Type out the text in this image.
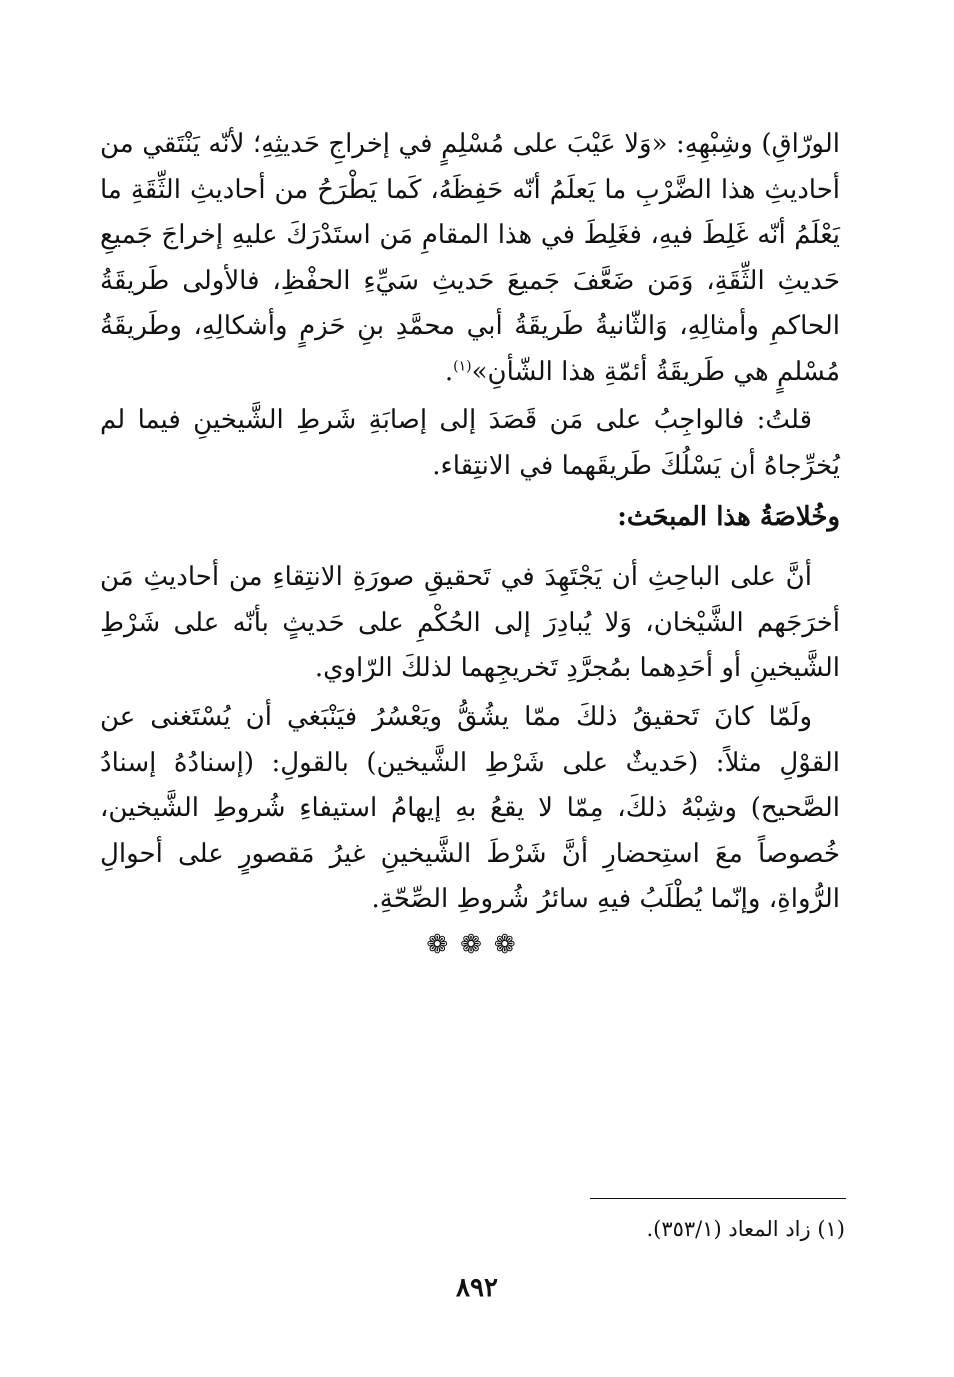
الورّاقِ) وشِبْهِهِ: «وَلا عَيْبَ على مُسْلِمٍ في إخراجِ حَديثِهِ؛ لأنّه يَنْتَقي من أحاديثِ هذا الضَّرْبِ ما يَعلَمُ أنّه حَفِظَهُ، كَما يَطْرَحُ من أحاديثِ الثِّقَةِ ما يَعْلَمُ أنّه غَلِطَ فيهِ، فغَلِطَ في هذا المقامِ مَن استَدْرَكَ عليهِ إخراجَ جَميعِ حَديثِ الثِّقَةِ، وَمَن ضَعَّفَ جَميعَ حَديثِ سَيِّءِ الحفْظِ، فالأولى طَريقَةُ الحاكمِ وأمثالِهِ، وَالثّانيةُ طَريقَةُ أبي محمَّدِ بنِ حَزمٍ وأشكالِهِ، وطَريقَةُ مُسْلمٍ هي طَريقَةُ أئمّةِ هذا الشّأنِ»$^{(١)}$.

قلتُ: فالواجِبُ على مَن قَصَدَ إلى إصابَةِ شَرطِ الشَّيخينِ فيما لم يُخرِّجاهُ أن يَسْلُكَ طَريقَهما في الانتِقاء.

وخُلاصَةُ هذا المبحَث:

أنَّ على الباحِثِ أن يَجْتَهِدَ في تَحقيقِ صورَةِ الانتِقاءِ من أحاديثِ مَن أخرَجَهم الشَّيْخان، وَلا يُبادِرَ إلى الحُكْمِ على حَديثٍ بأنّه على شَرْطِ الشَّيخينِ أو أحَدِهما بمُجرَّدِ تَخريجِهما لذلكَ الرّاوي.

ولَمّا كانَ تَحقيقُ ذلكَ ممّا يشُقُّ ويَعْسُرُ فيَنْبَغي أن يُسْتَغنى عن القوْلِ مثلاً: (حَديثٌ على شَرْطِ الشَّيخين) بالقولِ: (إسنادُهُ إسنادُ الصَّحيح) وشِبْهُ ذلكَ، مِمّا لا يقعُ بهِ إيهامُ استيفاءِ شُروطِ الشَّيخين، خُصوصاً معَ استِحضارِ أنَّ شَرْطَ الشَّيخينِ غيرُ مَقصورٍ على أحوالِ الرُّواةِ، وإنّما يُطْلَبُ فيهِ سائرُ شُروطِ الصِّحّةِ.

❁❁❁
(١) زاد المعاد (٣٥٣/١).
٨٩٢
